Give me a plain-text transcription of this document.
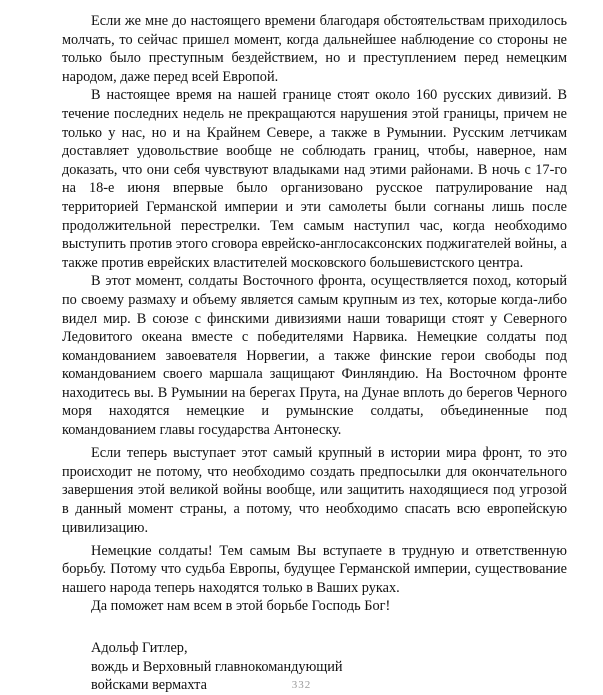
Если же мне до настоящего времени благодаря обстоятельствам приходилось молчать, то сейчас пришел момент, когда дальнейшее наблюдение со стороны не только было преступным бездействием, но и преступлением перед немецким народом, даже перед всей Европой.

В настоящее время на нашей границе стоят около 160 русских дивизий. В течение последних недель не прекращаются нарушения этой границы, причем не только у нас, но и на Крайнем Севере, а также в Румынии. Русским летчикам доставляет удовольствие вообще не соблюдать границ, чтобы, наверное, нам доказать, что они себя чувствуют владыками над этими районами. В ночь с 17-го на 18-е июня впервые было организовано русское патрулирование над территорией Германской империи и эти самолеты были согнаны лишь после продолжительной перестрелки. Тем самым наступил час, когда необходимо выступить против этого сговора еврейско-англосаксонских поджигателей войны, а также против еврейских властителей московского большевистского центра.

В этот момент, солдаты Восточного фронта, осуществляется поход, который по своему размаху и объему является самым крупным из тех, которые когда-либо видел мир. В союзе с финскими дивизиями наши товарищи стоят у Северного Ледовитого океана вместе с победителями Нарвика. Немецкие солдаты под командованием завоевателя Норвегии, а также финские герои свободы под командованием своего маршала защищают Финляндию. На Восточном фронте находитесь вы. В Румынии на берегах Прута, на Дунае вплоть до берегов Черного моря находятся немецкие и румынские солдаты, объединенные под командованием главы государства Антонеску.

Если теперь выступает этот самый крупный в истории мира фронт, то это происходит не потому, что необходимо создать предпосылки для окончательного завершения этой великой войны вообще, или защитить находящиеся под угрозой в данный момент страны, а потому, что необходимо спасать всю европейскую цивилизацию.

Немецкие солдаты! Тем самым Вы вступаете в трудную и ответственную борьбу. Потому что судьба Европы, будущее Германской империи, существование нашего народа теперь находятся только в Ваших руках.

Да поможет нам всем в этой борьбе Господь Бог!

Адольф Гитлер,
вождь и Верховный главнокомандующий
войсками вермахта	332
